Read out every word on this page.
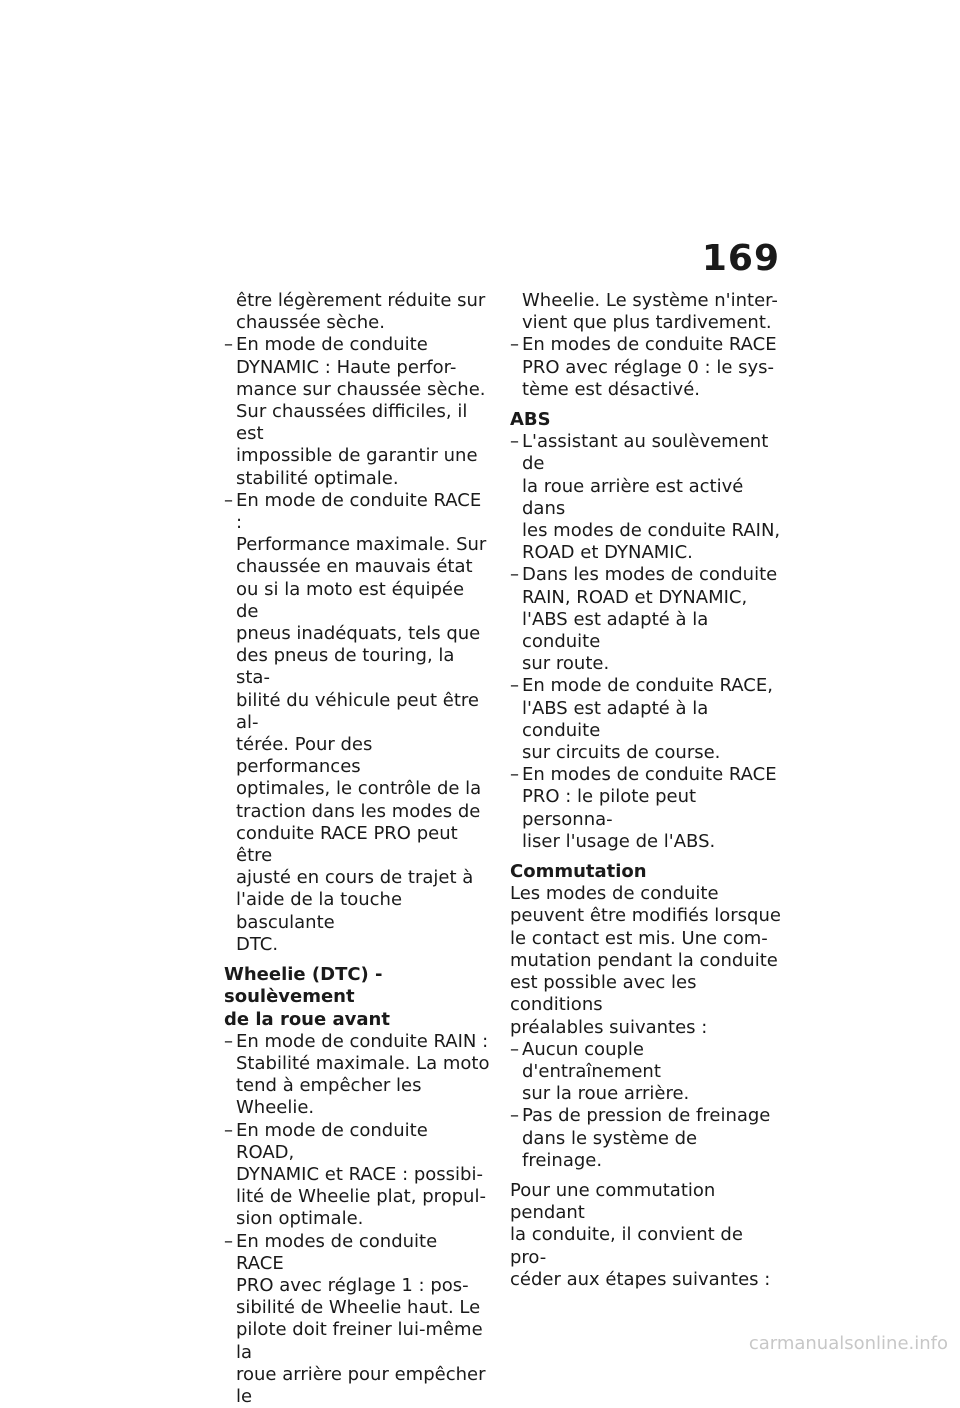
169
être légèrement réduite sur
chaussée sèche.
– En mode de conduite
DYNAMIC : Haute perfor-
mance sur chaussée sèche.
Sur chaussées difficiles, il est
impossible de garantir une
stabilité optimale.
– En mode de conduite RACE :
Performance maximale. Sur
chaussée en mauvais état
ou si la moto est équipée de
pneus inadéquats, tels que
des pneus de touring, la sta-
bilité du véhicule peut être al-
térée. Pour des performances
optimales, le contrôle de la
traction dans les modes de
conduite RACE PRO peut être
ajusté en cours de trajet à
l'aide de la touche basculante
DTC.
Wheelie (DTC) - soulèvement
de la roue avant
– En mode de conduite RAIN :
Stabilité maximale. La moto
tend à empêcher les Wheelie.
– En mode de conduite ROAD,
DYNAMIC et RACE : possibi-
lité de Wheelie plat, propul-
sion optimale.
– En modes de conduite RACE
PRO avec réglage 1 : pos-
sibilité de Wheelie haut. Le
pilote doit freiner lui-même la
roue arrière pour empêcher le
Wheelie. Le système n'inter-
vient que plus tardivement.
– En modes de conduite RACE
PRO avec réglage 0 : le sys-
tème est désactivé.
ABS
– L'assistant au soulèvement de
la roue arrière est activé dans
les modes de conduite RAIN,
ROAD et DYNAMIC.
– Dans les modes de conduite
RAIN, ROAD et DYNAMIC,
l'ABS est adapté à la conduite
sur route.
– En mode de conduite RACE,
l'ABS est adapté à la conduite
sur circuits de course.
– En modes de conduite RACE
PRO : le pilote peut personna-
liser l'usage de l'ABS.
Commutation
Les modes de conduite
peuvent être modifiés lorsque
le contact est mis. Une com-
mutation pendant la conduite
est possible avec les conditions
préalables suivantes :
– Aucun couple d'entraînement
sur la roue arrière.
– Pas de pression de freinage
dans le système de freinage.
Pour une commutation pendant
la conduite, il convient de pro-
céder aux étapes suivantes :
carmanualsonline.info
